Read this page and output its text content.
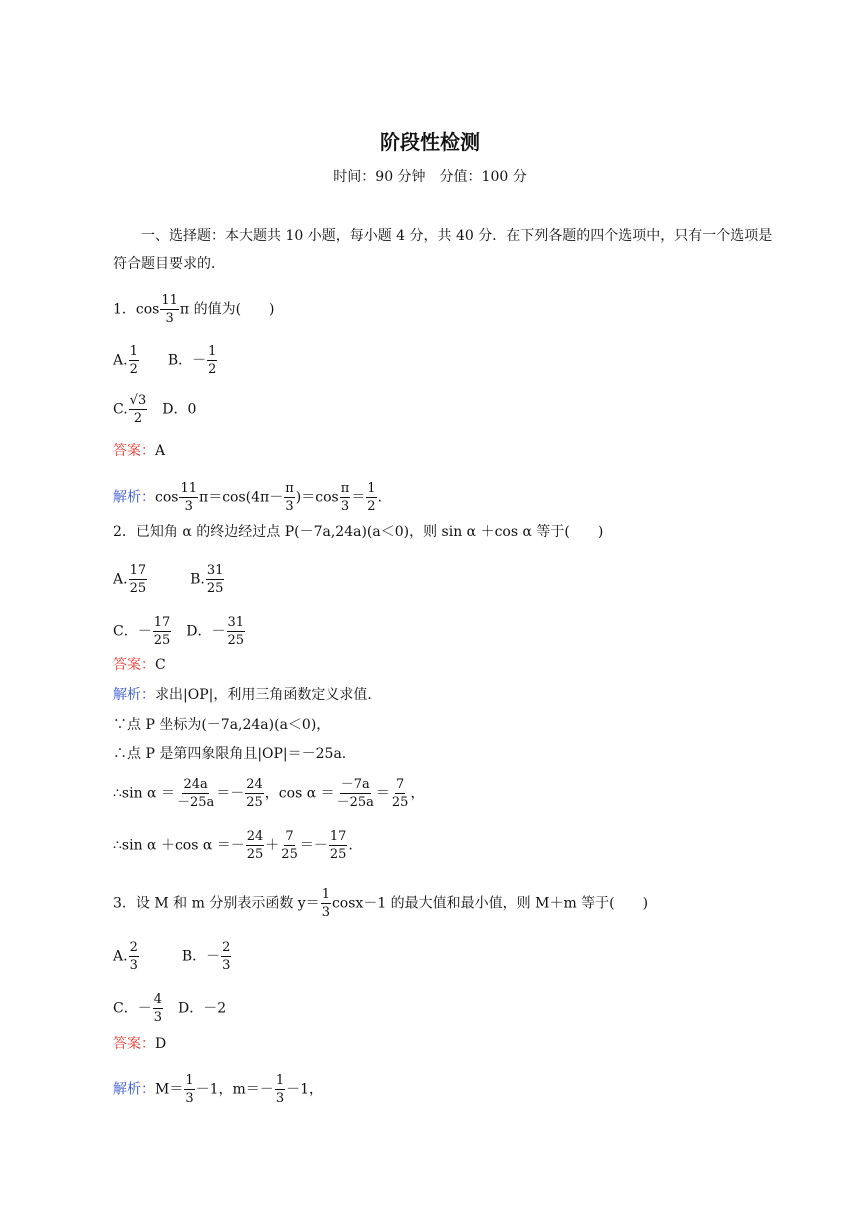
阶段性检测
时间：90 分钟　分值：100 分
一、选择题：本大题共 10 小题，每小题 4 分，共 40 分．在下列各题的四个选项中，只有一个选项是符合题目要求的．
1．$\cos \frac{11}{3}$ π 的值为(　　)
A. $\frac{1}{2}$ B．－ $\frac{1}{2}$
C. $\frac{√3}{2}$ D．0
答案：A
解析：$\cos \frac{11}{3} \pi=\cos(4\pi- \frac{\pi}{3} )=\cos \frac{\pi}{3} = \frac{1}{2}$ .
2．已知角 α 的终边经过点 P(－7a,24a)(a＜0)，则 sin α ＋cos α 等于(　　)
A. $\frac{17}{25}$	B. $\frac{31}{25}$
C．－ $\frac{17}{25}$ D．－ $\frac{31}{25}$
答案：C
解析：求出|OP|，利用三角函数定义求值．
∵点 P 坐标为(－7a,24a)(a＜0)，
∴点 P 是第四象限角且|OP|＝－25a.
∴sin $\alpha = \frac{24a}{-25a} =- \frac{24}{25}$ ，$\cos \alpha = \frac{-7a}{-25a} = \frac{7}{25}$ ，
∴sin α ＋cos $\alpha =- \frac{24}{25} + \frac{7}{25} =- \frac{17}{25}$ .
3．设 M 和 m 分别表示函数 $y= \frac{1}{3} \cos x-1$ 的最大值和最小值，则 M＋m 等于(　　)
A. $\frac{2}{3}$	B．－ $\frac{2}{3}$
C．－ $\frac{4}{3}$ D．－2
答案：D
解析：$M= \frac{1}{3} -1$，$m=- \frac{1}{3} -1$，
